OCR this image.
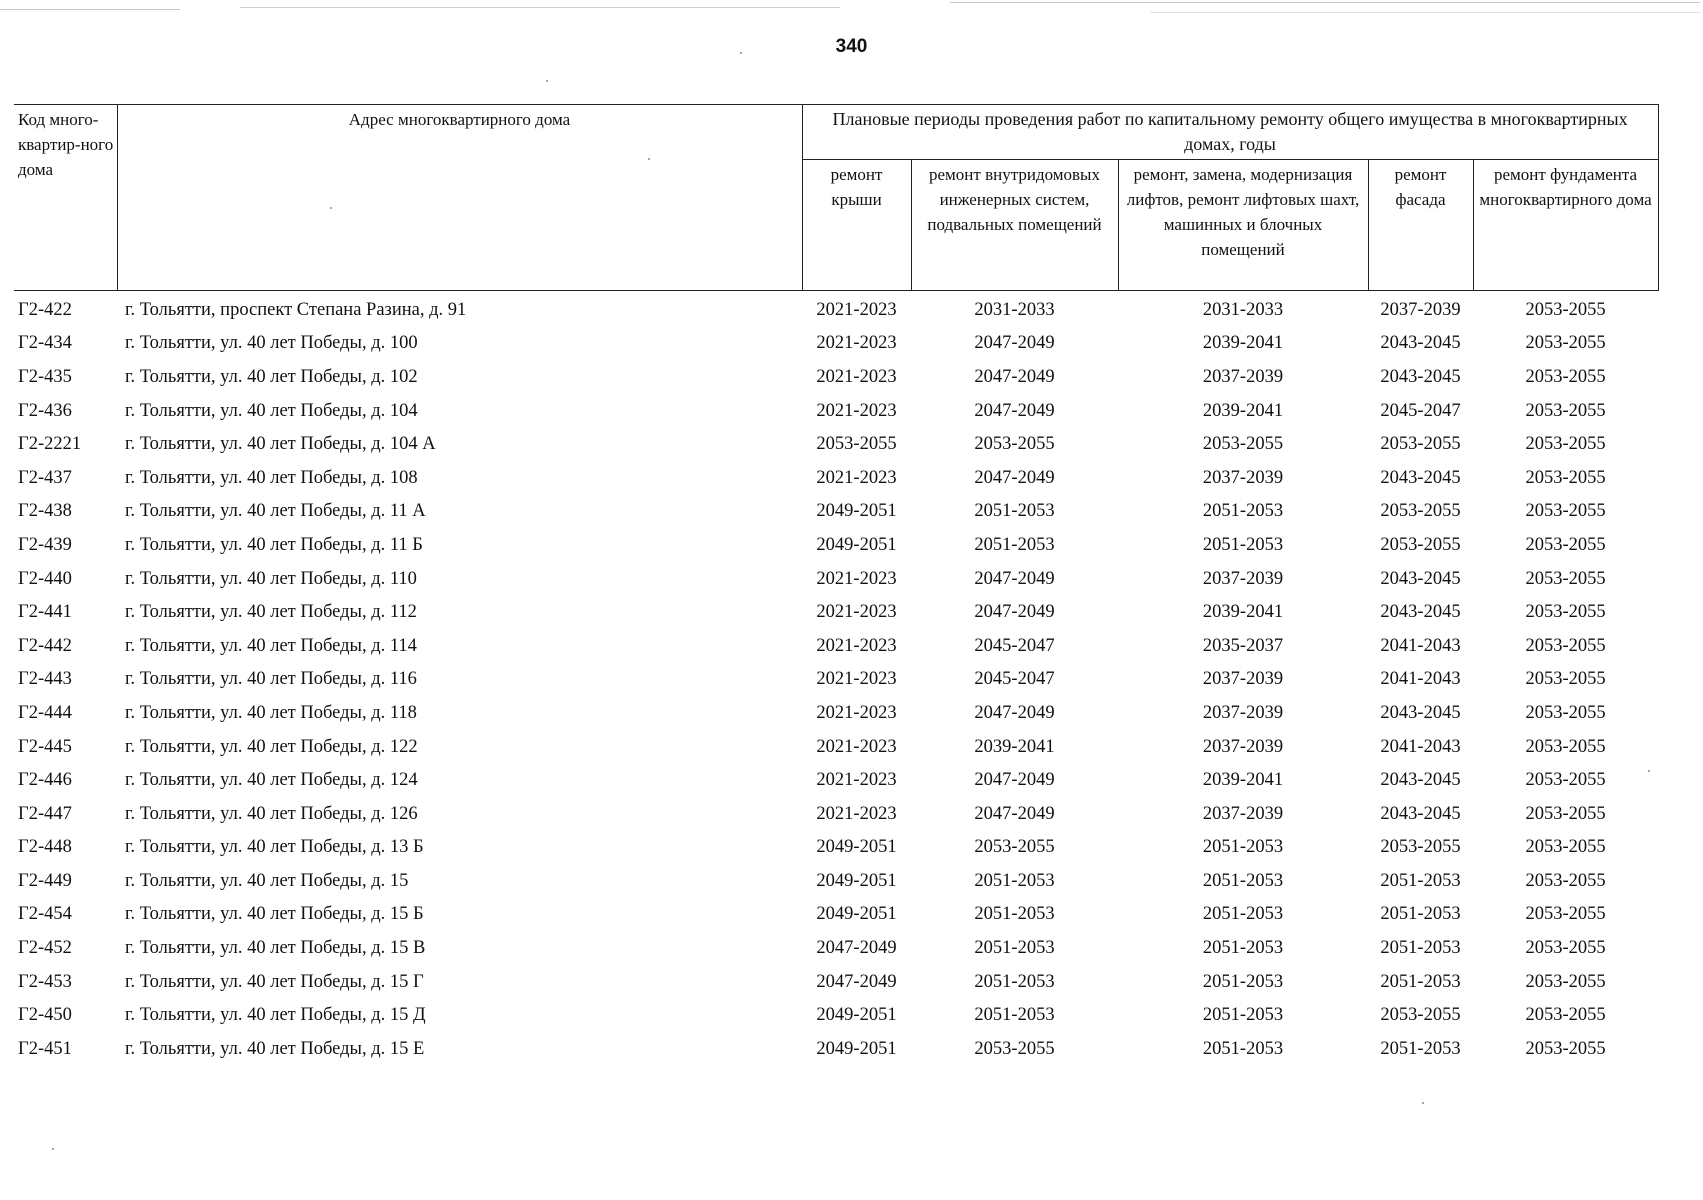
340
Код много-квартир-ного дома	Адрес многоквартирного дома	Плановые периоды проведения работ по капитальному ремонту общего имущества в многоквартирных домах, годы				
		ремонт крыши	ремонт внутридомовых инженерных систем, подвальных помещений	ремонт, замена, модернизация лифтов, ремонт лифтовых шахт, машинных и блочных помещений	ремонт фасада	ремонт фундамента многоквартирного дома
Г2-422	г. Тольятти, проспект Степана Разина, д. 91	2021-2023	2031-2033	2031-2033	2037-2039	2053-2055
Г2-434	г. Тольятти, ул. 40 лет Победы, д. 100	2021-2023	2047-2049	2039-2041	2043-2045	2053-2055
Г2-435	г. Тольятти, ул. 40 лет Победы, д. 102	2021-2023	2047-2049	2037-2039	2043-2045	2053-2055
Г2-436	г. Тольятти, ул. 40 лет Победы, д. 104	2021-2023	2047-2049	2039-2041	2045-2047	2053-2055
Г2-2221	г. Тольятти, ул. 40 лет Победы, д. 104 А	2053-2055	2053-2055	2053-2055	2053-2055	2053-2055
Г2-437	г. Тольятти, ул. 40 лет Победы, д. 108	2021-2023	2047-2049	2037-2039	2043-2045	2053-2055
Г2-438	г. Тольятти, ул. 40 лет Победы, д. 11 А	2049-2051	2051-2053	2051-2053	2053-2055	2053-2055
Г2-439	г. Тольятти, ул. 40 лет Победы, д. 11 Б	2049-2051	2051-2053	2051-2053	2053-2055	2053-2055
Г2-440	г. Тольятти, ул. 40 лет Победы, д. 110	2021-2023	2047-2049	2037-2039	2043-2045	2053-2055
Г2-441	г. Тольятти, ул. 40 лет Победы, д. 112	2021-2023	2047-2049	2039-2041	2043-2045	2053-2055
Г2-442	г. Тольятти, ул. 40 лет Победы, д. 114	2021-2023	2045-2047	2035-2037	2041-2043	2053-2055
Г2-443	г. Тольятти, ул. 40 лет Победы, д. 116	2021-2023	2045-2047	2037-2039	2041-2043	2053-2055
Г2-444	г. Тольятти, ул. 40 лет Победы, д. 118	2021-2023	2047-2049	2037-2039	2043-2045	2053-2055
Г2-445	г. Тольятти, ул. 40 лет Победы, д. 122	2021-2023	2039-2041	2037-2039	2041-2043	2053-2055
Г2-446	г. Тольятти, ул. 40 лет Победы, д. 124	2021-2023	2047-2049	2039-2041	2043-2045	2053-2055
Г2-447	г. Тольятти, ул. 40 лет Победы, д. 126	2021-2023	2047-2049	2037-2039	2043-2045	2053-2055
Г2-448	г. Тольятти, ул. 40 лет Победы, д. 13 Б	2049-2051	2053-2055	2051-2053	2053-2055	2053-2055
Г2-449	г. Тольятти, ул. 40 лет Победы, д. 15	2049-2051	2051-2053	2051-2053	2051-2053	2053-2055
Г2-454	г. Тольятти, ул. 40 лет Победы, д. 15 Б	2049-2051	2051-2053	2051-2053	2051-2053	2053-2055
Г2-452	г. Тольятти, ул. 40 лет Победы, д. 15 В	2047-2049	2051-2053	2051-2053	2051-2053	2053-2055
Г2-453	г. Тольятти, ул. 40 лет Победы, д. 15 Г	2047-2049	2051-2053	2051-2053	2051-2053	2053-2055
Г2-450	г. Тольятти, ул. 40 лет Победы, д. 15 Д	2049-2051	2051-2053	2051-2053	2053-2055	2053-2055
Г2-451	г. Тольятти, ул. 40 лет Победы, д. 15 Е	2049-2051	2053-2055	2051-2053	2051-2053	2053-2055
